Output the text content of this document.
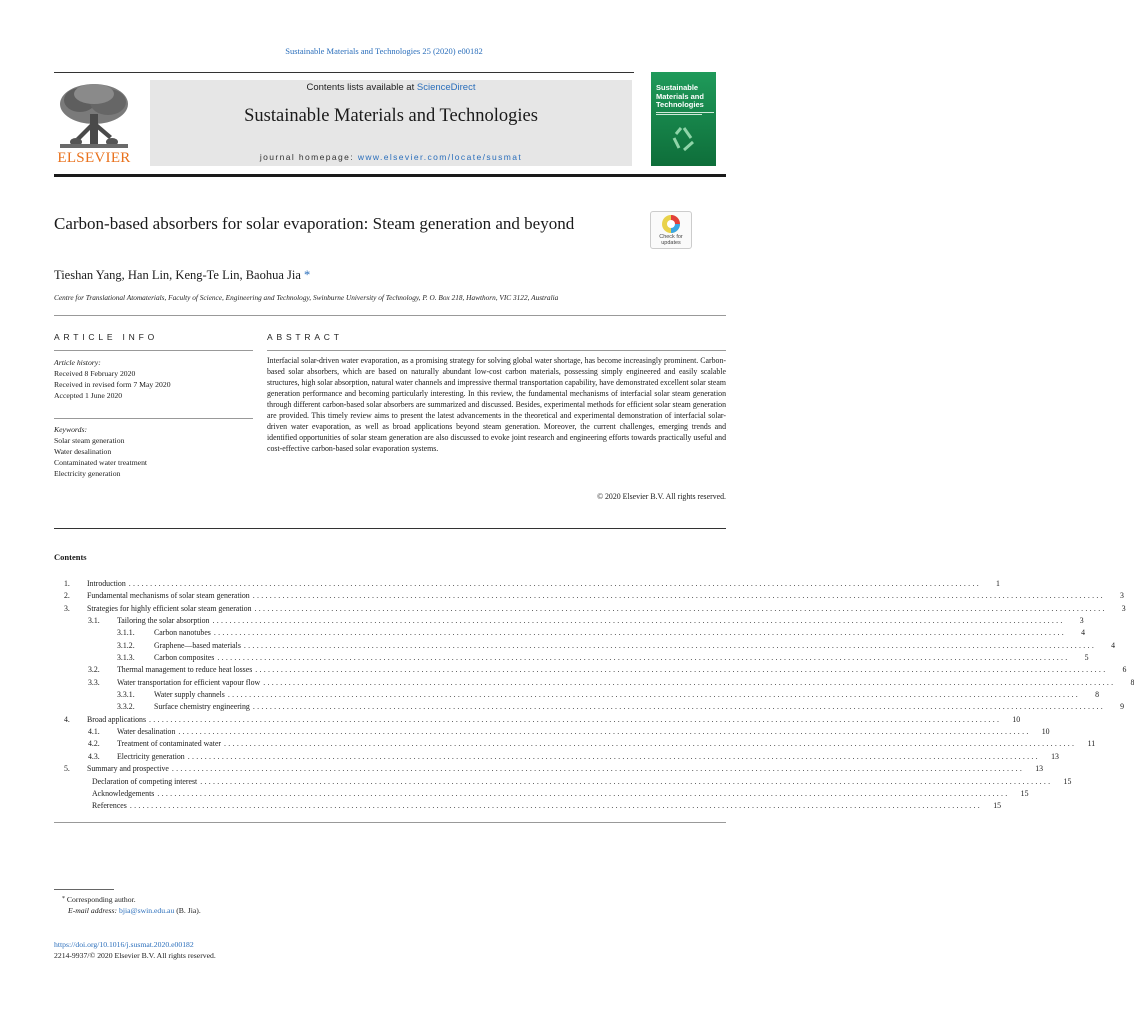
Sustainable Materials and Technologies 25 (2020) e00182
ELSEVIER
Contents lists available at ScienceDirect
Sustainable Materials and Technologies
journal homepage: www.elsevier.com/locate/susmat
Sustainable Materials and Technologies
Carbon-based absorbers for solar evaporation: Steam generation and beyond
Check for updates
Tieshan Yang, Han Lin, Keng-Te Lin, Baohua Jia *
Centre for Translational Atomaterials, Faculty of Science, Engineering and Technology, Swinburne University of Technology, P. O. Box 218, Hawthorn, VIC 3122, Australia
ARTICLE INFO	ABSTRACT
Article history:
Received 8 February 2020
Received in revised form 7 May 2020
Accepted 1 June 2020
Keywords:
Solar steam generation
Water desalination
Contaminated water treatment
Electricity generation
Interfacial solar-driven water evaporation, as a promising strategy for solving global water shortage, has become increasingly prominent. Carbon-based solar absorbers, which are based on naturally abundant low-cost carbon materials, possessing simply engineered and easily scalable structures, high solar absorption, natural water channels and impressive thermal transportation capability, have demonstrated excellent solar steam generation performance and becoming particularly interesting. In this review, the fundamental mechanisms of interfacial solar steam generation through different carbon-based solar absorbers are summarized and discussed. Besides, experimental methods for efficient solar steam generation are provided. This timely review aims to present the latest advancements in the theoretical and experimental demonstration of interfacial solar-driven water evaporation, as well as broad applications beyond steam generation. Moreover, the current challenges, emerging trends and identified opportunities of solar steam generation are also discussed to evoke joint research and engineering efforts towards practically useful and cost-effective carbon-based solar evaporation systems.
© 2020 Elsevier B.V. All rights reserved.
Contents
1.	Introduction ........................................................................................................................................................................................................	1
2.	Fundamental mechanisms of solar steam generation ........................................................................................................................................................................................................	3
3.	Strategies for highly efficient solar steam generation ........................................................................................................................................................................................................	3
3.1.	Tailoring the solar absorption ........................................................................................................................................................................................................	3
3.1.1.	Carbon nanotubes ........................................................................................................................................................................................................	4
3.1.2.	Graphene—based materials ........................................................................................................................................................................................................	4
3.1.3.	Carbon composites ........................................................................................................................................................................................................	5
3.2.	Thermal management to reduce heat losses ........................................................................................................................................................................................................	6
3.3.	Water transportation for efficient vapour flow ........................................................................................................................................................................................................	8
3.3.1.	Water supply channels ........................................................................................................................................................................................................	8
3.3.2.	Surface chemistry engineering ........................................................................................................................................................................................................	9
4.	Broad applications ........................................................................................................................................................................................................	10
4.1.	Water desalination ........................................................................................................................................................................................................	10
4.2.	Treatment of contaminated water ........................................................................................................................................................................................................	11
4.3.	Electricity generation ........................................................................................................................................................................................................	13
5.	Summary and prospective ........................................................................................................................................................................................................	13
Declaration of competing interest ........................................................................................................................................................................................................	15
Acknowledgements ........................................................................................................................................................................................................	15
References ........................................................................................................................................................................................................	15
* Corresponding author.
E-mail address: bjia@swin.edu.au (B. Jia).
https://doi.org/10.1016/j.susmat.2020.e00182
2214-9937/© 2020 Elsevier B.V. All rights reserved.
